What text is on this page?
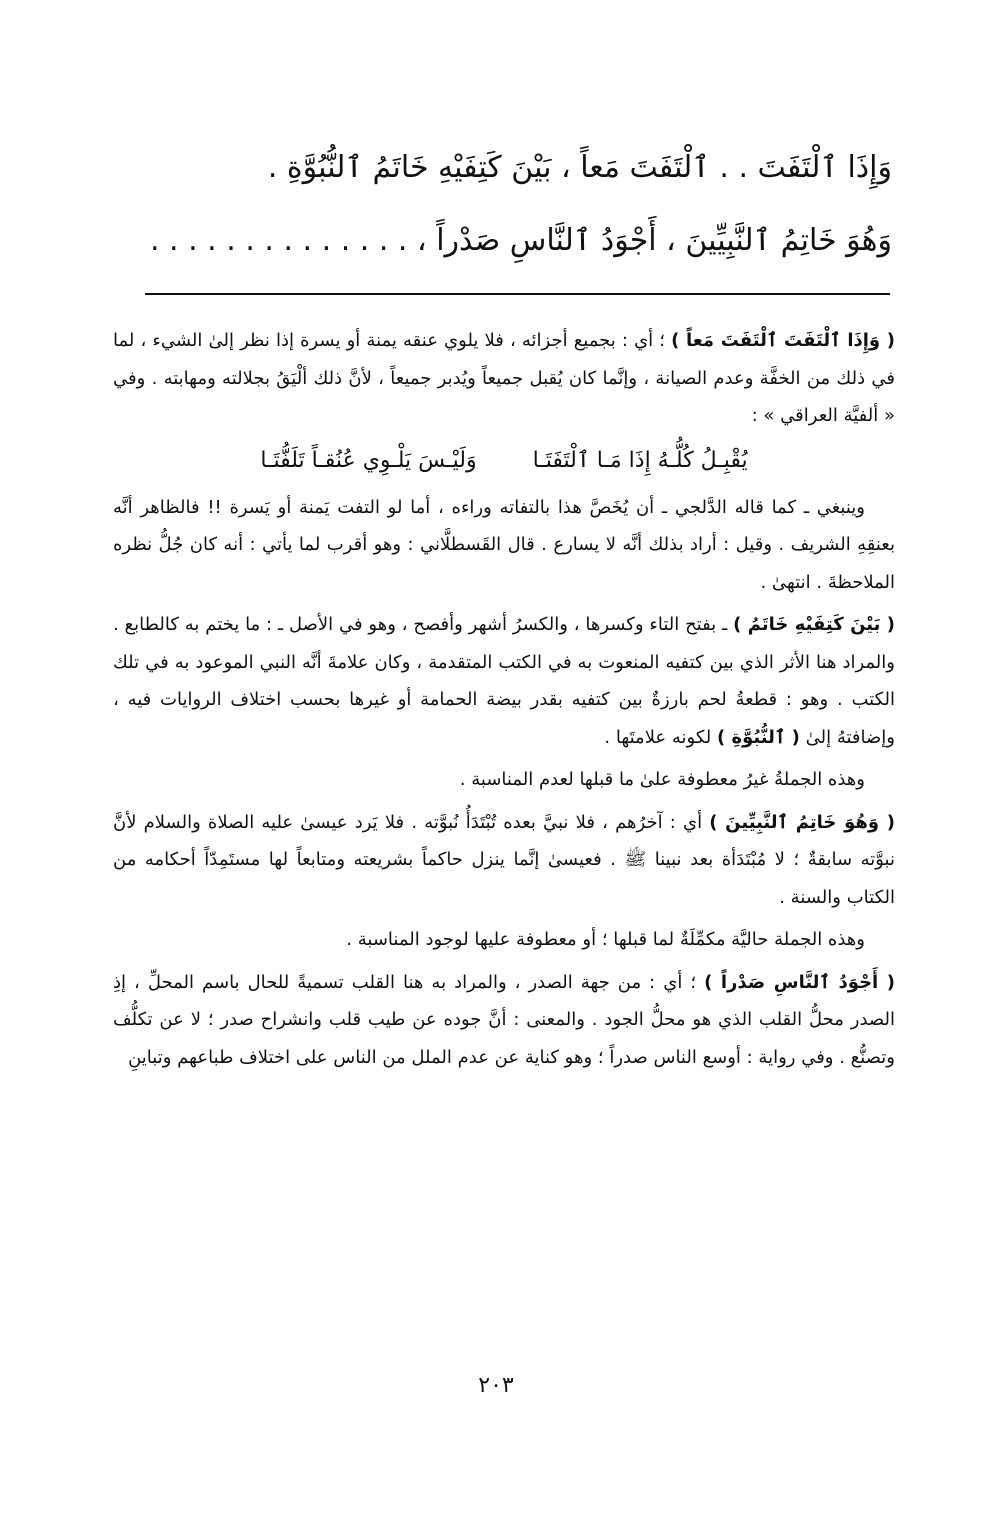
وَإِذَا ٱلْتَفَتَ . . ٱلْتَفَتَ مَعاً ، بَيْنَ كَتِفَيْهِ خَاتَمُ ٱلنُّبُوَّةِ .
وَهُوَ خَاتِمُ ٱلنَّبِيِّينَ ، أَجْوَدُ ٱلنَّاسِ صَدْراً ، . . . . . . . . . . . . . .

( وَإِذَا ٱلْتَفَتَ ٱلْتَفَتَ مَعاً ) ؛ أي : بجميع أجزائه ، فلا يلوي عنقه يمنة أو يسرة إذا نظر إلىٰ الشيء ، لما في ذلك من الخفَّة وعدم الصيانة ، وإنَّما كان يُقبل جميعاً ويُدبر جميعاً ، لأنَّ ذلك ألْيَقُ بجلالته ومهابته . وفي « ألفيَّة العراقي » :

يُقْبِـلُ كُلُّـهُ إِذَا مَـا ٱلْتَفَتَـا
وَلَيْـسَ يَلْـوِي عُنُقـاً تَلَفُّتَـا

وينبغي ـ كما قاله الدَّلجي ـ أن يُخَصَّ هذا بالتفاته وراءه ، أما لو التفت يَمنة أو يَسرة !! فالظاهر أنَّه بعنقِهِ الشريف . وقيل : أراد بذلك أنَّه لا يسارع . قال القَسطلَّاني : وهو أقرب لما يأتي : أنه كان جُلُّ نظره الملاحظةَ . انتهىٰ .

( بَيْنَ كَتِفَيْهِ خَاتَمُ ) ـ بفتح التاء وكسرها ، والكسرُ أشهر وأفصح ، وهو في الأصل ـ : ما يختم به كالطابع . والمراد هنا الأثر الذي بين كتفيه المنعوت به في الكتب المتقدمة ، وكان علامةَ أنَّه النبي الموعود به في تلك الكتب . وهو : قطعةُ لحم بارزةٌ بين كتفيه بقدر بيضة الحمامة أو غيرها بحسب اختلاف الروايات فيه ، وإضافتهُ إلىٰ ( ٱلنُّبُوَّةِ ) لكونه علامتَها .

وهذه الجملةُ غيرُ معطوفة علىٰ ما قبلها لعدم المناسبة .

( وَهُوَ خَاتِمُ ٱلنَّبِيِّينَ ) أي : آخرُهم ، فلا نبيَّ بعده تُبْتَدَأُ نُبوَّته . فلا يَرد عيسىٰ عليه الصلاة والسلام لأنَّ نبوَّته سابقةٌ ؛ لا مُبْتَدَأة بعد نبينا ﷺ . فعيسىٰ إنَّما ينزل حاكماً بشريعته ومتابعاً لها مستَمِدّاً أحكامه من الكتاب والسنة .

وهذه الجملة حاليَّة مكمِّلَةٌ لما قبلها ؛ أو معطوفة عليها لوجود المناسبة .

( أَجْوَدُ ٱلنَّاسِ صَدْراً ) ؛ أي : من جهة الصدر ، والمراد به هنا القلب تسميةً للحال باسم المحلِّ ، إذِ الصدر محلُّ القلب الذي هو محلُّ الجود . والمعنى : أنَّ جوده عن طيب قلب وانشراح صدر ؛ لا عن تكلُّف وتصنُّع . وفي رواية : أوسع الناس صدراً ؛ وهو كناية عن عدم الملل من الناس على اختلاف طباعهم وتباينِ

٢٠٣
